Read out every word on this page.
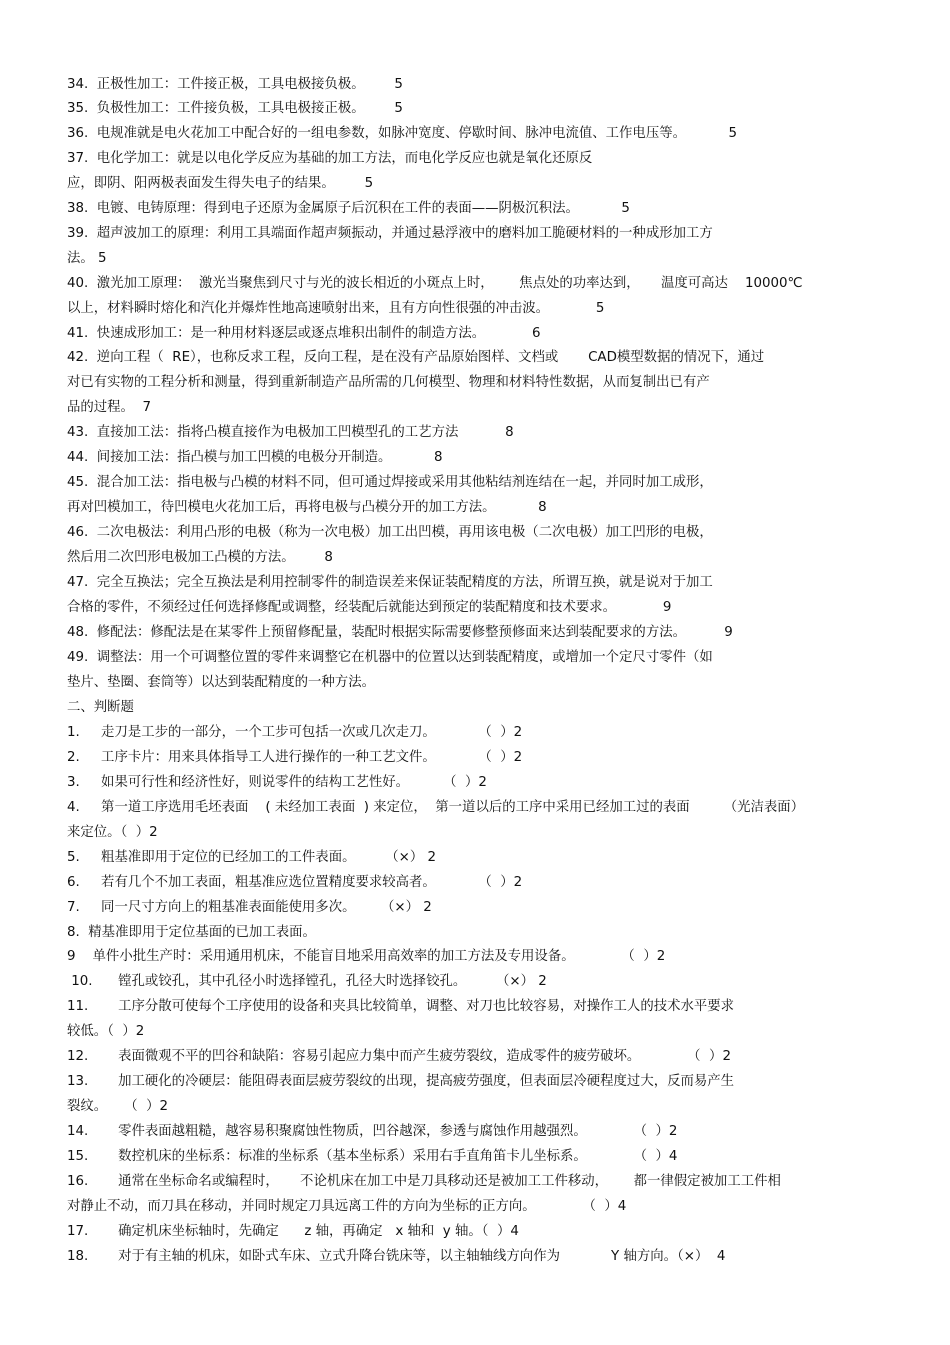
34.  正极性加工：工件接正极，工具电极接负极。       5
35.  负极性加工：工件接负极，工具电极接正极。       5
36.  电规准就是电火花加工中配合好的一组电参数，如脉冲宽度、停歇时间、脉冲电流值、工作电压等。          5
37.  电化学加工：就是以电化学反应为基础的加工方法，而电化学反应也就是氧化还原反
应，即阴、阳两极表面发生得失电子的结果。       5
38.  电镀、电铸原理：得到电子还原为金属原子后沉积在工件的表面——阴极沉积法。          5
39.  超声波加工的原理：利用工具端面作超声频振动，并通过悬浮液中的磨料加工脆硬材料的一种成形加工方
法。 5
40.  激光加工原理：  激光当聚焦到尺寸与光的波长相近的小斑点上时，      焦点处的功率达到，     温度可高达    10000℃
以上，材料瞬时熔化和汽化并爆炸性地高速喷射出来，且有方向性很强的冲击波。           5
41.  快速成形加工：是一种用材料逐层或逐点堆积出制件的制造方法。           6
42.  逆向工程（  RE），也称反求工程，反向工程，是在没有产品原始图样、文档或       CAD模型数据的情况下，通过
对已有实物的工程分析和测量，得到重新制造产品所需的几何模型、物理和材料特性数据，从而复制出已有产
品的过程。  7
43.  直接加工法：指将凸模直接作为电极加工凹模型孔的工艺方法           8
44.  间接加工法：指凸模与加工凹模的电极分开制造。          8
45.  混合加工法：指电极与凸模的材料不同，但可通过焊接或采用其他粘结剂连结在一起，并同时加工成形，
再对凹模加工，待凹模电火花加工后，再将电极与凸模分开的加工方法。          8
46.  二次电极法：利用凸形的电极（称为一次电极）加工出凹模，再用该电极（二次电极）加工凹形的电极，
然后用二次凹形电极加工凸模的方法。       8
47.  完全互换法；完全互换法是利用控制零件的制造误差来保证装配精度的方法，所谓互换，就是说对于加工
合格的零件，不须经过任何选择修配或调整，经装配后就能达到预定的装配精度和技术要求。           9
48.  修配法：修配法是在某零件上预留修配量，装配时根据实际需要修整预修面来达到装配要求的方法。         9
49.  调整法：用一个可调整位置的零件来调整它在机器中的位置以达到装配精度，或增加一个定尺寸零件（如
垫片、垫圈、套筒等）以达到装配精度的一种方法。
二、判断题
1.     走刀是工步的一部分，一个工步可包括一次或几次走刀。          （  ）2
2.     工序卡片：用来具体指导工人进行操作的一种工艺文件。          （  ）2
3.     如果可行性和经济性好，则说零件的结构工艺性好。        （  ）2
4.     第一道工序选用毛坯表面    ( 未经加工表面  ) 来定位，  第一道以后的工序中采用已经加工过的表面        （光洁表面）
来定位。（  ）2
5.     粗基准即用于定位的已经加工的工件表面。       （×） 2
6.     若有几个不加工表面，粗基准应选位置精度要求较高者。          （  ）2
7.     同一尺寸方向上的粗基准表面能使用多次。      （×） 2
8.  精基准即用于定位基面的已加工表面。
9    单件小批生产时：采用通用机床，不能盲目地采用高效率的加工方法及专用设备。           （  ）2
10.      镗孔或铰孔，其中孔径小时选择镗孔，孔径大时选择铰孔。       （×） 2
11.       工序分散可使每个工序使用的设备和夹具比较简单，调整、对刀也比较容易，对操作工人的技术水平要求
较低。（  ）2
12.       表面微观不平的凹谷和缺陷：容易引起应力集中而产生疲劳裂纹，造成零件的疲劳破坏。           （  ）2
13.       加工硬化的冷硬层：能阻碍表面层疲劳裂纹的出现，提高疲劳强度，但表面层冷硬程度过大，反而易产生
裂纹。    （  ）2
14.       零件表面越粗糙，越容易积聚腐蚀性物质，凹谷越深，参透与腐蚀作用越强烈。           （  ）2
15.       数控机床的坐标系：标准的坐标系（基本坐标系）采用右手直角笛卡儿坐标系。           （  ）4
16.       通常在坐标命名或编程时，     不论机床在加工中是刀具移动还是被加工工件移动，      都一律假定被加工工件相
对静止不动，而刀具在移动，并同时规定刀具远离工件的方向为坐标的正方向。           （  ）4
17.       确定机床坐标轴时，先确定      z 轴，再确定   x 轴和  y 轴。（  ）4
18.       对于有主轴的机床，如卧式车床、立式升降台铣床等，以主轴轴线方向作为            Y 轴方向。（×）  4
